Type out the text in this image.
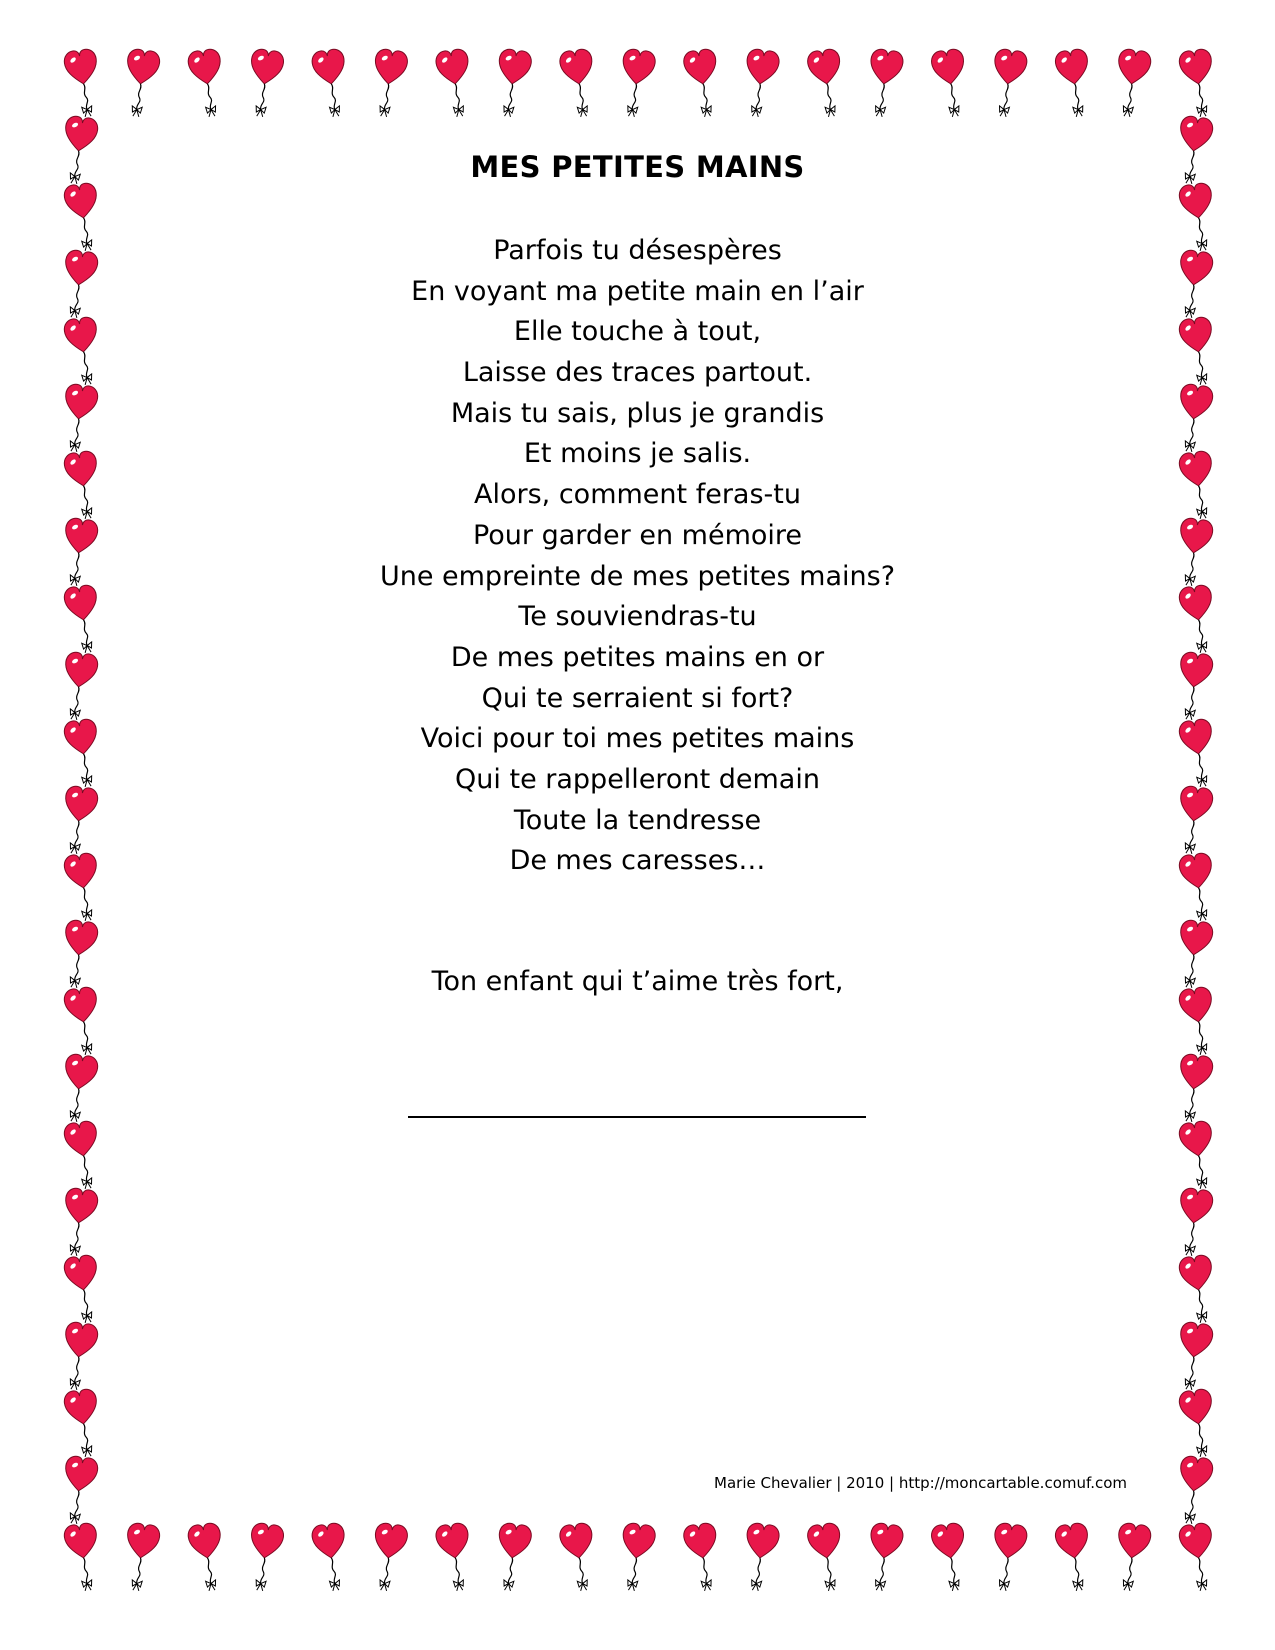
MES PETITES MAINS
Parfois tu désespères
En voyant ma petite main en l’air
Elle touche à tout,
Laisse des traces partout.
Mais tu sais, plus je grandis
Et moins je salis.
Alors, comment feras-tu
Pour garder en mémoire
Une empreinte de mes petites mains?
Te souviendras-tu
De mes petites mains en or
Qui te serraient si fort?
Voici pour toi mes petites mains
Qui te rappelleront demain
Toute la tendresse
De mes caresses…
Ton enfant qui t’aime très fort,
Marie Chevalier | 2010 | http://moncartable.comuf.com
